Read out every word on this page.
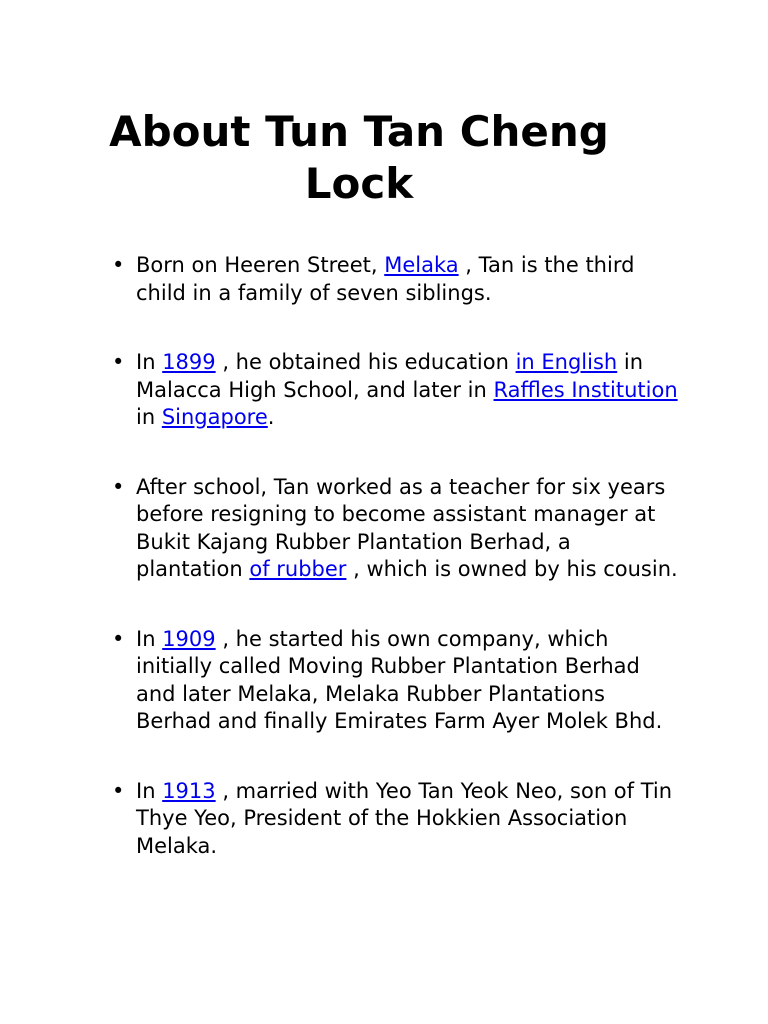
About Tun Tan Cheng Lock
• Born on Heeren Street, Melaka , Tan is the third child in a family of seven siblings.
• In 1899 , he obtained his education in English in Malacca High School, and later in Raffles Institution in Singapore.
• After school, Tan worked as a teacher for six years before resigning to become assistant manager at Bukit Kajang Rubber Plantation Berhad, a plantation of rubber , which is owned by his cousin.
• In 1909 , he started his own company, which initially called Moving Rubber Plantation Berhad and later Melaka, Melaka Rubber Plantations Berhad and finally Emirates Farm Ayer Molek Bhd.
• In 1913 , married with Yeo Tan Yeok Neo, son of Tin Thye Yeo, President of the Hokkien Association Melaka.
